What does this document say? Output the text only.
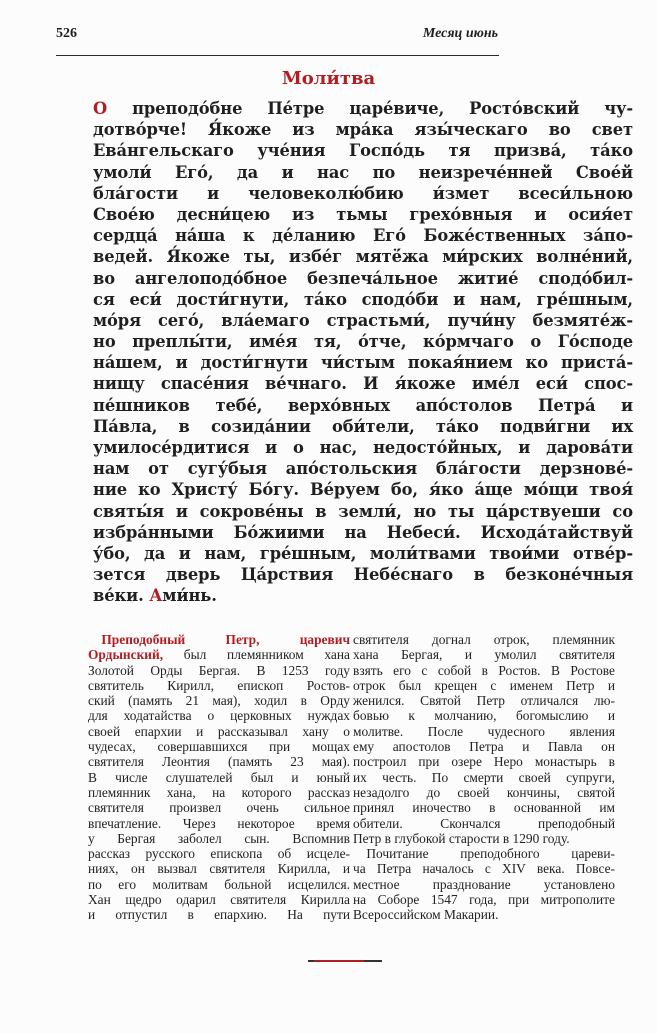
526	Месяц июнь
Моли́тва
О преподо́бне Пе́тре царе́виче, Росто́вский чу-
дотво́рче! Я́коже из мра́ка язы́ческаго во свет
Ева́нгельскаго уче́ния Госпо́дь тя призва́, та́ко
умоли́ Его́, да и нас по неизрече́нней Свое́й
бла́гости и человеколю́бию и́змет всеси́льною
Свое́ю десни́цею из тьмы грехо́вныя и осия́ет
сердца́ на́ша к де́ланию Его́ Боже́ственных за́по-
ведей. Я́коже ты, избе́г мятё́жа ми́рских волне́ний,
во ангелоподо́бное безпеча́льное житие́ сподо́бил-
ся еси́ дости́гнути, та́ко сподо́би и нам, гре́шным,
мо́ря сего́, вла́емаго страстьми́, пучи́ну безмяте́ж-
но преплы́ти, име́я тя, о́тче, ко́рмчаго о Го́споде
на́шем, и дости́гнути чи́стым покая́нием ко приста́-
нищу спасе́ния ве́чнаго. И я́коже име́л еси́ спос-
пе́шников тебе́, верхо́вных апо́столов Петра́ и
Па́вла, в созида́нии оби́тели, та́ко подви́гни их
умилосе́рдитися и о нас, недосто́йных, и дарова́ти
нам от сугу́быя апо́стольския бла́гости дерзнове́-
ние ко Христу́ Бо́гу. Ве́руем бо, я́ко а́ще мо́щи твоя́
святы́я и сокрове́ны в земли́, но ты ца́рствуеши со
избра́нными Бо́жиими на Небеси́. Исхода́тайствуй
у́бо, да и нам, гре́шным, моли́твами твои́ми отве́р-
зется дверь Ца́рствия Небе́снаго в безконе́чныя
ве́ки. Ами́нь.
 Преподобный Петр, царевич
Ордынский, был племянником хана
Золотой Орды Бергая. В 1253 году
святитель Кирилл, епископ Ростов-
ский (память 21 мая), ходил в Орду
для ходатайства о церковных нуждах
своей епархии и рассказывал хану о
чудесах, совершавшихся при мощах
святителя Леонтия (память 23 мая).
В числе слушателей был и юный
племянник хана, на которого рассказ
святителя произвел очень сильное
впечатление. Через некоторое время
у Бергая заболел сын. Вспомнив
рассказ русского епископа об исцеле-
ниях, он вызвал святителя Кирилла, и
по его молитвам больной исцелился.
Хан щедро одарил святителя Кирилла
и отпустил в епархию. На пути
святителя догнал отрок, племянник
хана Бергая, и умолил святителя
взять его с собой в Ростов. В Ростове
отрок был крещен с именем Петр и
женился. Святой Петр отличался лю-
бовью к молчанию, богомыслию и
молитве. После чудесного явления
ему апостолов Петра и Павла он
построил при озере Неро монастырь в
их честь. По смерти своей супруги,
незадолго до своей кончины, святой
принял иночество в основанной им
обители. Скончался преподобный
Петр в глубокой старости в 1290 году.
 Почитание преподобного цареви-
ча Петра началось с XIV века. Повсе-
местное празднование установлено
на Соборе 1547 года, при митрополите
Всероссийском Макарии.
